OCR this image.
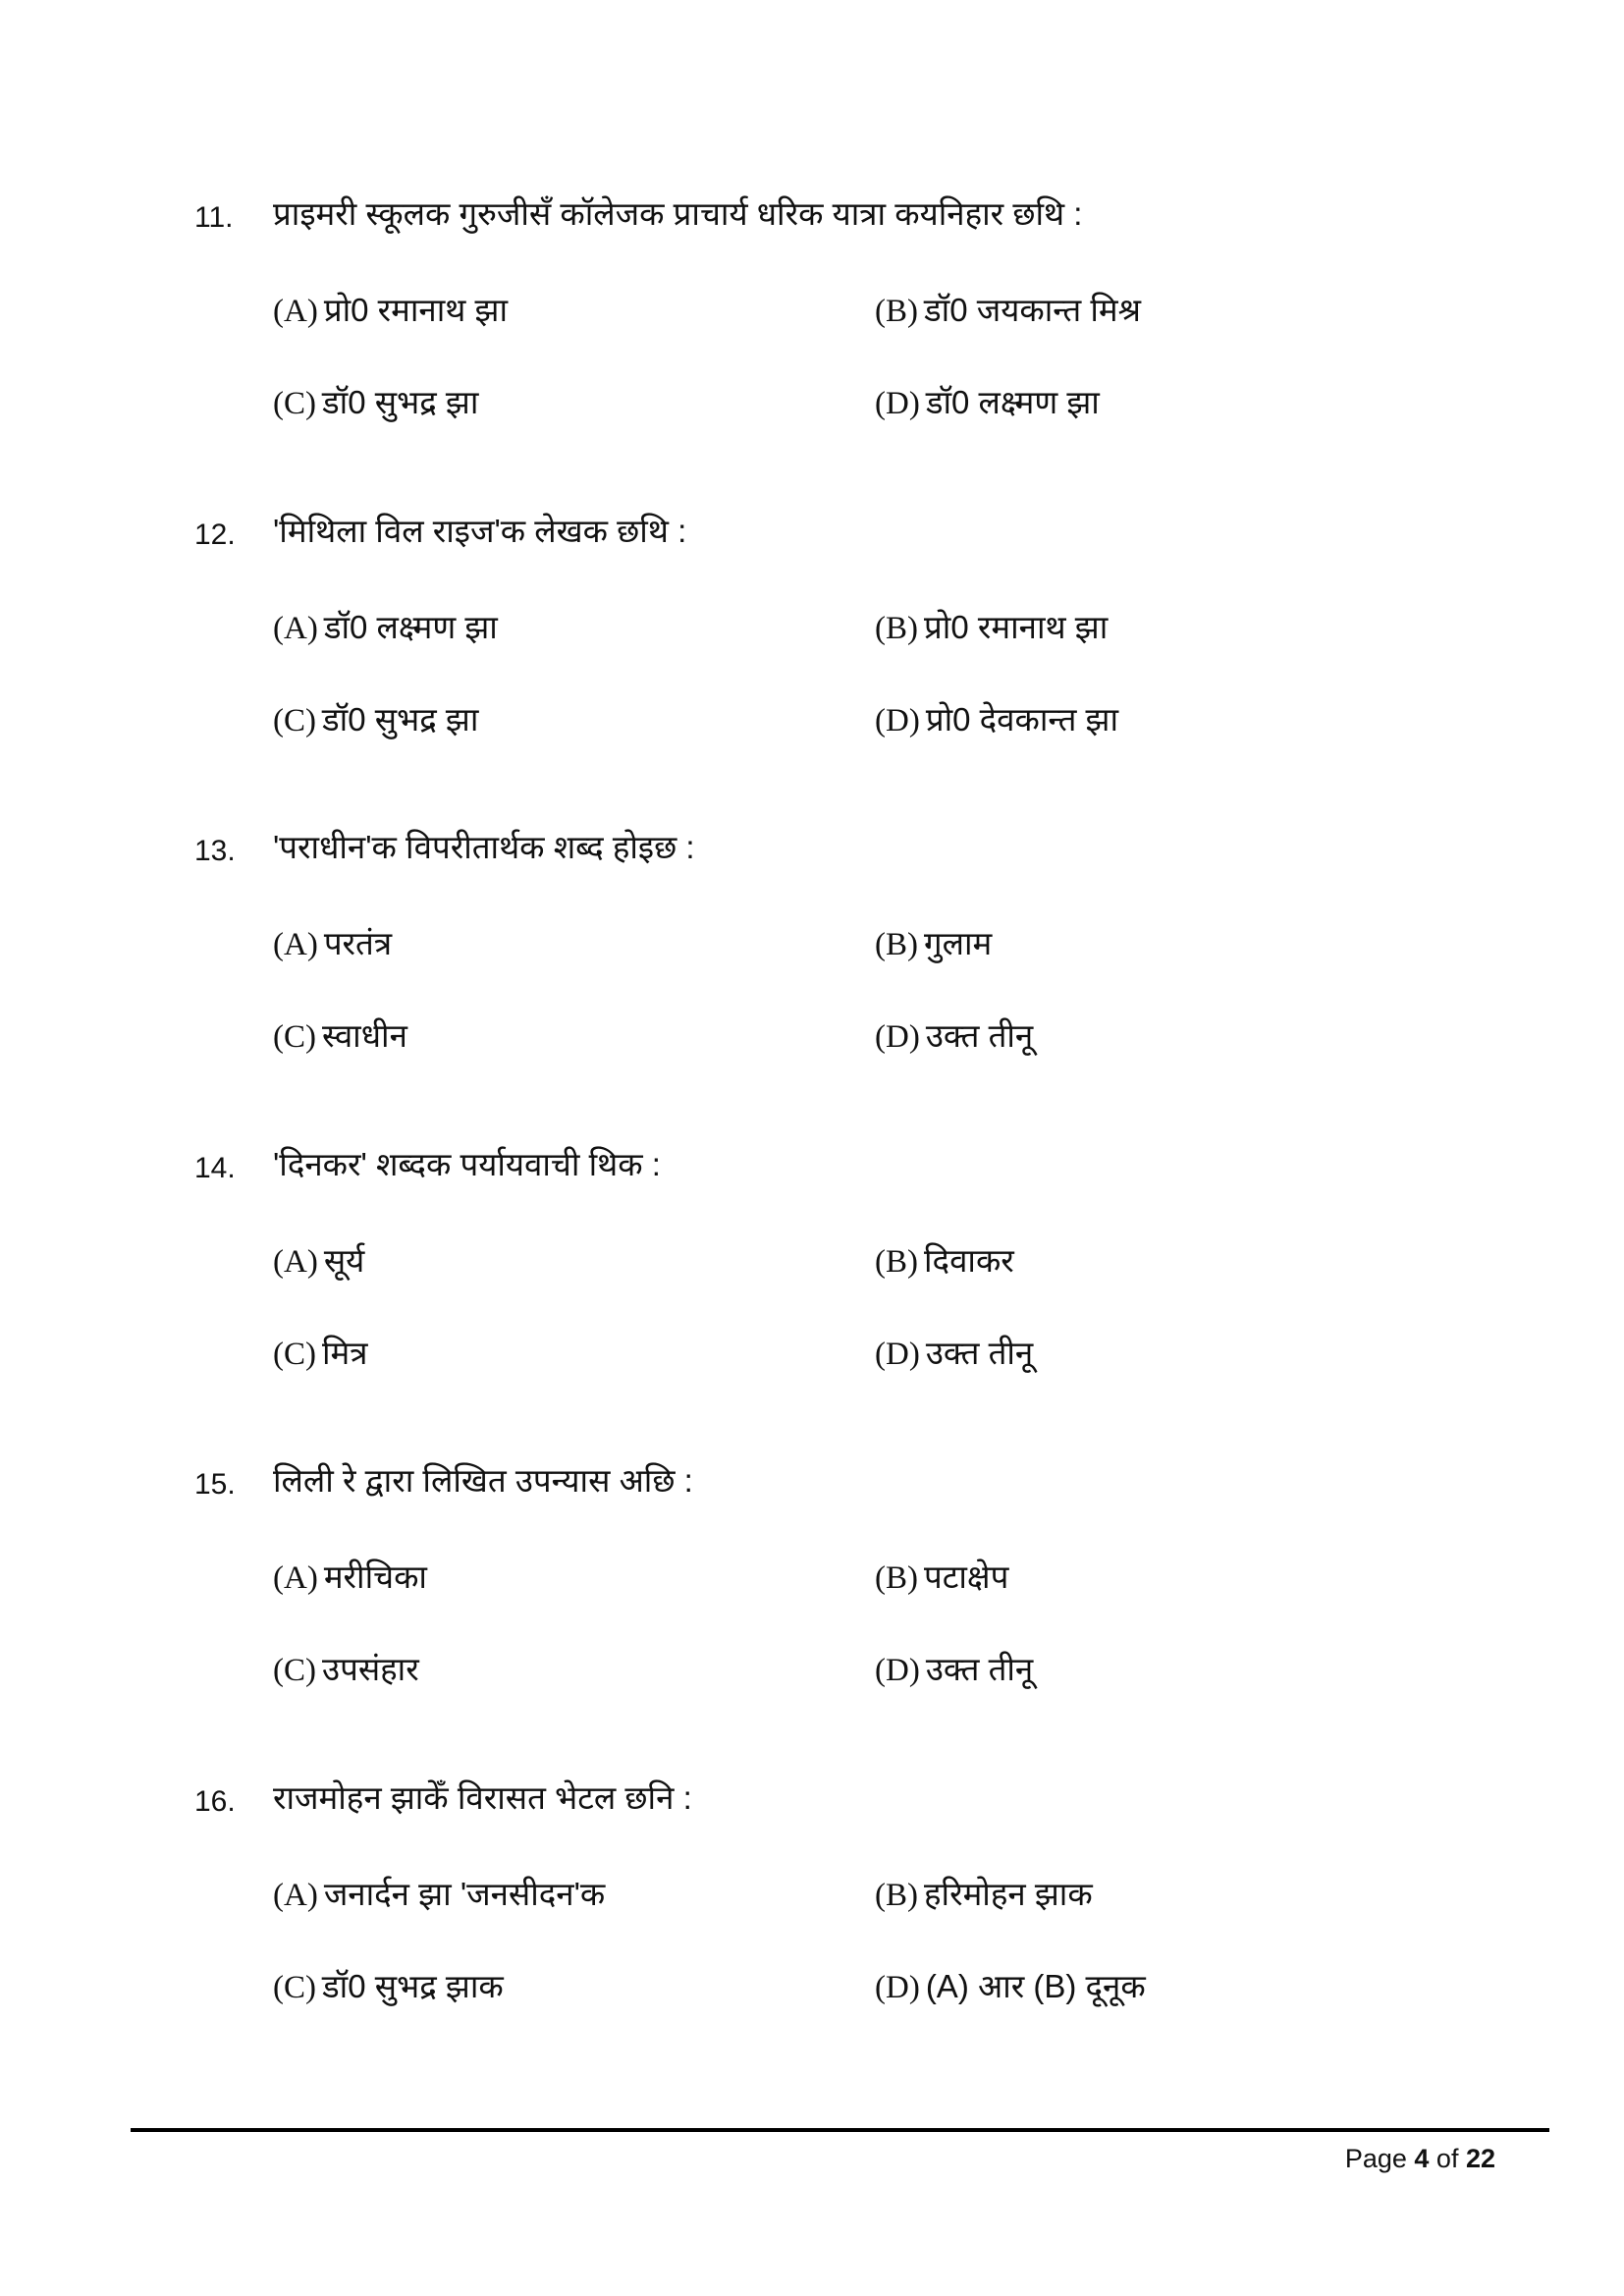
11. प्राइमरी स्कूलक गुरुजीसँ कॉलेजक प्राचार्य धरिक यात्रा कयनिहार छथि :
(A) प्रो0 रमानाथ झा	(B) डॉ0 जयकान्त मिश्र
(C) डॉ0 सुभद्र झा	(D) डॉ0 लक्ष्मण झा
12. 'मिथिला विल राइज'क लेखक छथि :
(A) डॉ0 लक्ष्मण झा	(B) प्रो0 रमानाथ झा
(C) डॉ0 सुभद्र झा	(D) प्रो0 देवकान्त झा
13. 'पराधीन'क विपरीतार्थक शब्द होइछ :
(A) परतंत्र	(B) गुलाम
(C) स्वाधीन	(D) उक्त तीनू
14. 'दिनकर' शब्दक पर्यायवाची थिक :
(A) सूर्य	(B) दिवाकर
(C) मित्र	(D) उक्त तीनू
15. लिली रे द्वारा लिखित उपन्यास अछि :
(A) मरीचिका	(B) पटाक्षेप
(C) उपसंहार	(D) उक्त तीनू
16. राजमोहन झाकेँ विरासत भेटल छनि :
(A) जनार्दन झा 'जनसीदन'क	(B) हरिमोहन झाक
(C) डॉ0 सुभद्र झाक	(D) (A) आर (B) दूनूक
Page 4 of 22
